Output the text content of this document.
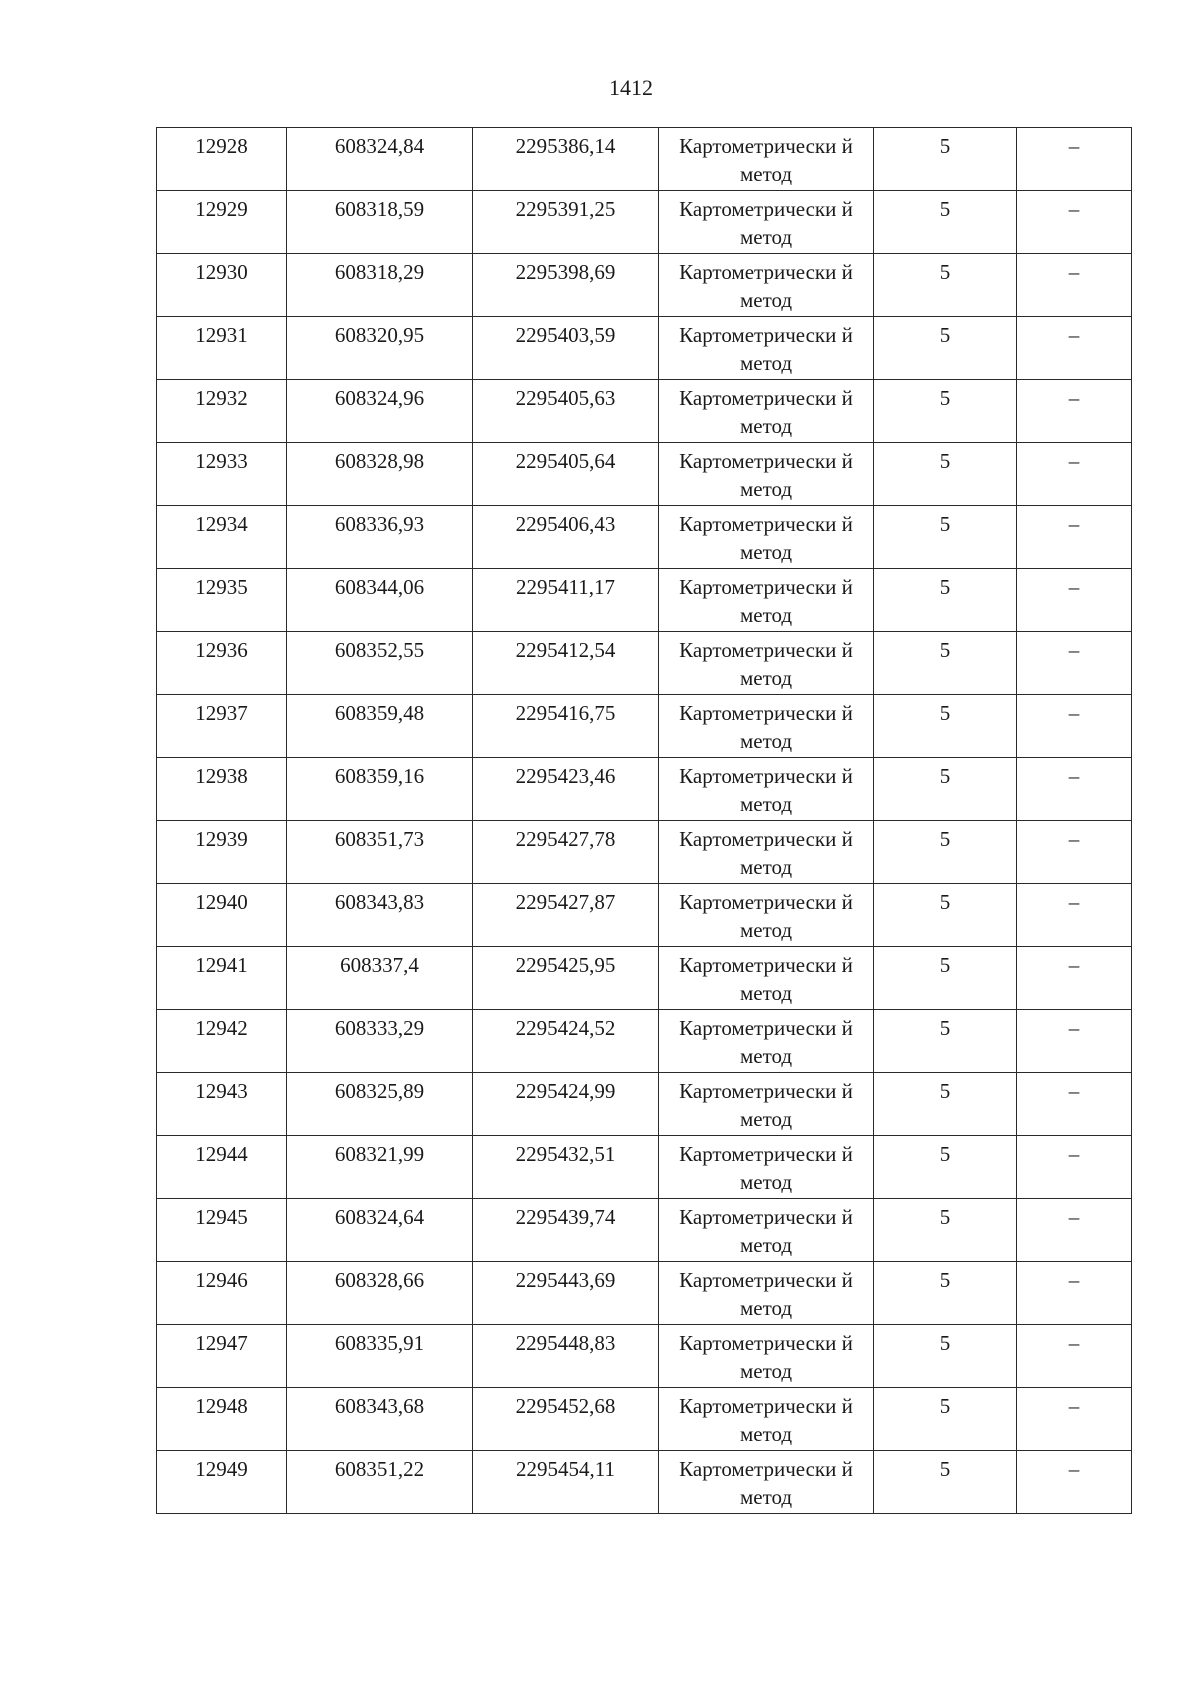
1412
12928	608324,84	2295386,14	Картометрически й метод	5	–

12929	608318,59	2295391,25	Картометрически й метод	5	–

12930	608318,29	2295398,69	Картометрически й метод	5	–

12931	608320,95	2295403,59	Картометрически й метод	5	–

12932	608324,96	2295405,63	Картометрически й метод	5	–

12933	608328,98	2295405,64	Картометрически й метод	5	–

12934	608336,93	2295406,43	Картометрически й метод	5	–

12935	608344,06	2295411,17	Картометрически й метод	5	–

12936	608352,55	2295412,54	Картометрически й метод	5	–

12937	608359,48	2295416,75	Картометрически й метод	5	–

12938	608359,16	2295423,46	Картометрически й метод	5	–

12939	608351,73	2295427,78	Картометрически й метод	5	–

12940	608343,83	2295427,87	Картометрически й метод	5	–

12941	608337,4	2295425,95	Картометрически й метод	5	–

12942	608333,29	2295424,52	Картометрически й метод	5	–

12943	608325,89	2295424,99	Картометрически й метод	5	–

12944	608321,99	2295432,51	Картометрически й метод	5	–

12945	608324,64	2295439,74	Картометрически й метод	5	–

12946	608328,66	2295443,69	Картометрически й метод	5	–

12947	608335,91	2295448,83	Картометрически й метод	5	–

12948	608343,68	2295452,68	Картометрически й метод	5	–

12949	608351,22	2295454,11	Картометрически й метод	5	–
